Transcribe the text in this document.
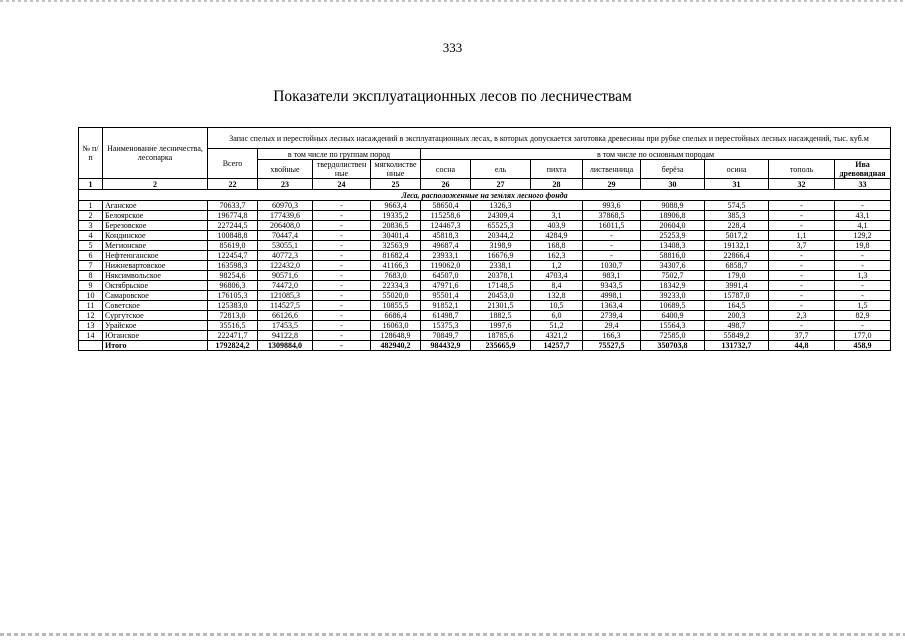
333
Показатели эксплуатационных лесов по лесничествам
№ п/п	Наименование лесничества, лесопарка	Запас спелых и перестойных лесных насаждений в эксплуатационных лесах, в которых допускается заготовка древесины при рубке спелых и перестойных лесных насаждений, тыс. куб.м											
		Всего	в том числе по группам пород			в том числе по основным породам							
			хвойные	твердолиственные	мягколиственные	сосна	ель	пихта	лиственница	берёза	осина	тополь	Ива древовидная
1	2	22	23	24	25	26	27	28	29	30	31	32	33
Леса, расположенные на землях лесного фонда													
1	Аганское	70633,7	60970,3	-	9663,4	58650,4	1326,3		993,6	9088,9	574,5	-	-
2	Белоярское	196774,8	177439,6	-	19335,2	115258,6	24309,4	3,1	37868,5	18906,8	385,3	-	43,1
3	Березовское	227244,5	206408,0	-	20836,5	124467,3	65525,3	403,9	16011,5	20604,0	228,4	-	4,1
4	Кондинское	100848,8	70447,4	-	30401,4	45818,3	20344,2	4284,9	-	25253,9	5017,2	1,1	129,2
5	Мегионское	85619,0	53055,1	-	32563,9	49687,4	3198,9	168,8	-	13408,3	19132,1	3,7	19,8
6	Нефтеюганское	122454,7	40772,3	-	81682,4	23933,1	16676,9	162,3	-	58816,0	22866,4	-	-
7	Нижневартовское	163598,3	122432,0	-	41166,3	119062,0	2338,1	1,2	1030,7	34307,6	6858,7	-	-
8	Няксимвольское	98254,6	90571,6	-	7683,0	64507,0	20378,1	4703,4	983,1	7502,7	179,0	-	1,3
9	Октябрьское	96806,3	74472,0	-	22334,3	47971,6	17148,5	8,4	9343,5	18342,9	3991,4	-	-
10	Самаровское	176105,3	121085,3	-	55020,0	95501,4	20453,0	132,8	4998,1	39233,0	15787,0	-	-
11	Советское	125383,0	114527,5	-	10855,5	91852,1	21301,5	10,5	1363,4	10689,5	164,5	-	1,5
12	Сургутское	72813,0	66126,6	-	6686,4	61498,7	1882,5	6,0	2739,4	6400,9	200,3	2,3	82,9
13	Урайское	35516,5	17453,5	-	16063,0	15375,3	1997,6	51,2	29,4	15564,3	498,7	-	-
14	Юганское	222471,7	94122,8	-	128648,9	70849,7	18785,6	4321,2	166,3	72585,0	55849,2	37,7	177,0
	Итого	1792824,2	1309884,0	-	482940,2	984432,9	235665,9	14257,7	75527,5	350703,8	131732,7	44,8	458,9
